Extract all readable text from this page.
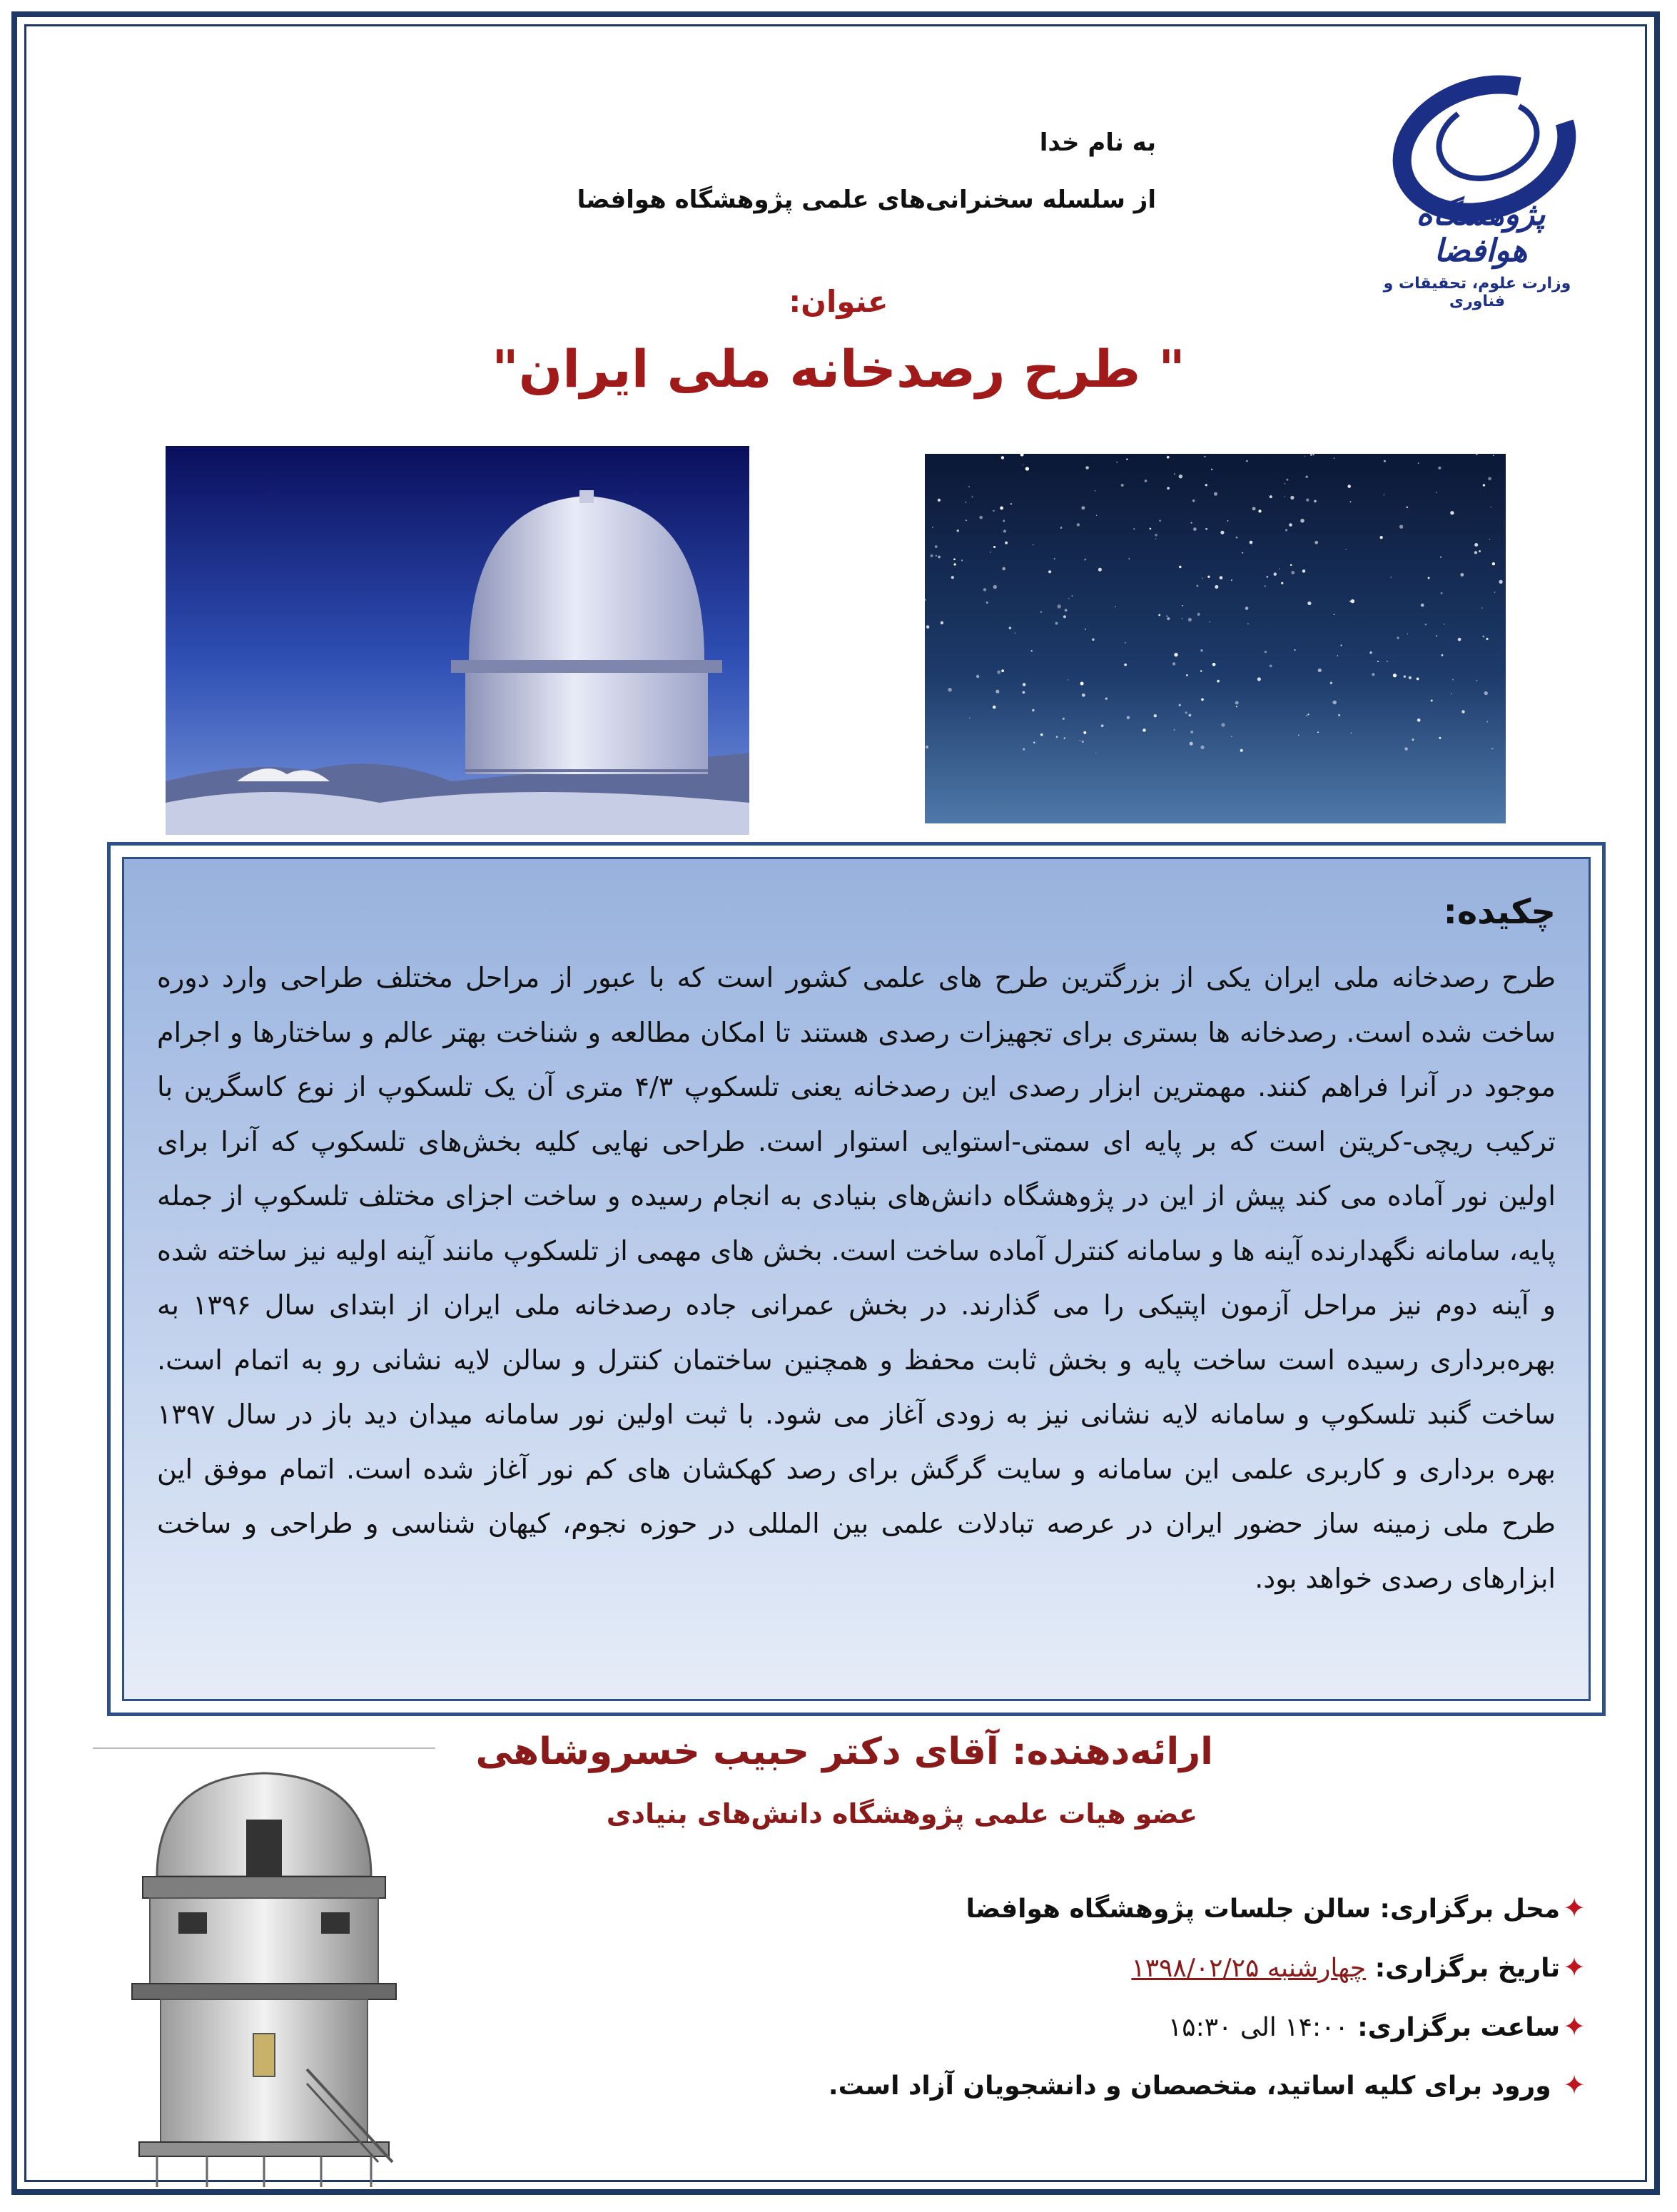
به نام خدا
از سلسله سخنرانی‌های علمی پژوهشگاه هوافضا	پژوهشگاه هوافضا
وزارت علوم، تحقیقات و فناوری
عنوان:
" طرح رصدخانه ملی ایران"
چکیده:
طرح رصدخانه ملی ایران یکی از بزرگترین طرح های علمی کشور است که با عبور از مراحل مختلف طراحی وارد دوره ساخت شده است. رصدخانه ها بستری برای تجهیزات رصدی هستند تا امکان مطالعه و شناخت بهتر عالم و ساختارها و اجرام موجود در آنرا فراهم کنند. مهمترین ابزار رصدی این رصدخانه یعنی تلسکوپ ۴/۳ متری آن یک تلسکوپ از نوع کاسگرین با ترکیب ریچی-کریتن است که بر پایه ای سمتی-استوایی استوار است. طراحی نهایی کلیه بخش‌های تلسکوپ که آنرا برای اولین نور آماده می کند پیش از این در پژوهشگاه دانش‌های بنیادی به انجام رسیده و ساخت اجزای مختلف تلسکوپ از جمله پایه، سامانه نگهدارنده آینه ها و سامانه کنترل آماده ساخت است. بخش های مهمی از تلسکوپ مانند آینه اولیه نیز ساخته شده و آینه دوم نیز مراحل آزمون اپتیکی را می گذارند. در بخش عمرانی جاده رصدخانه ملی ایران از ابتدای سال ۱۳۹۶ به بهره‌برداری رسیده است ساخت پایه و بخش ثابت محفظ و همچنین ساختمان کنترل و سالن لایه نشانی رو به اتمام است. ساخت گنبد تلسکوپ و سامانه لایه نشانی نیز به زودی آغاز می شود. با ثبت اولین نور سامانه میدان دید باز در سال ۱۳۹۷ بهره برداری و کاربری علمی این سامانه و سایت گرگش برای رصد کهکشان های کم نور آغاز شده است. اتمام موفق این طرح ملی زمینه ساز حضور ایران در عرصه تبادلات علمی بین المللی در حوزه نجوم، کیهان شناسی و طراحی و ساخت ابزارهای رصدی خواهد بود.
ارائه‌دهنده: آقای دکتر حبیب خسروشاهی
عضو هیات علمی پژوهشگاه دانش‌های بنیادی
✦محل برگزاری: سالن جلسات پژوهشگاه هوافضا
✦تاریخ برگزاری: چهارشنبه ۱۳۹۸/۰۲/۲۵
✦ساعت برگزاری: ۱۴:۰۰ الی ۱۵:۳۰
✦ ورود برای کلیه اساتید، متخصصان و دانشجویان آزاد است.
